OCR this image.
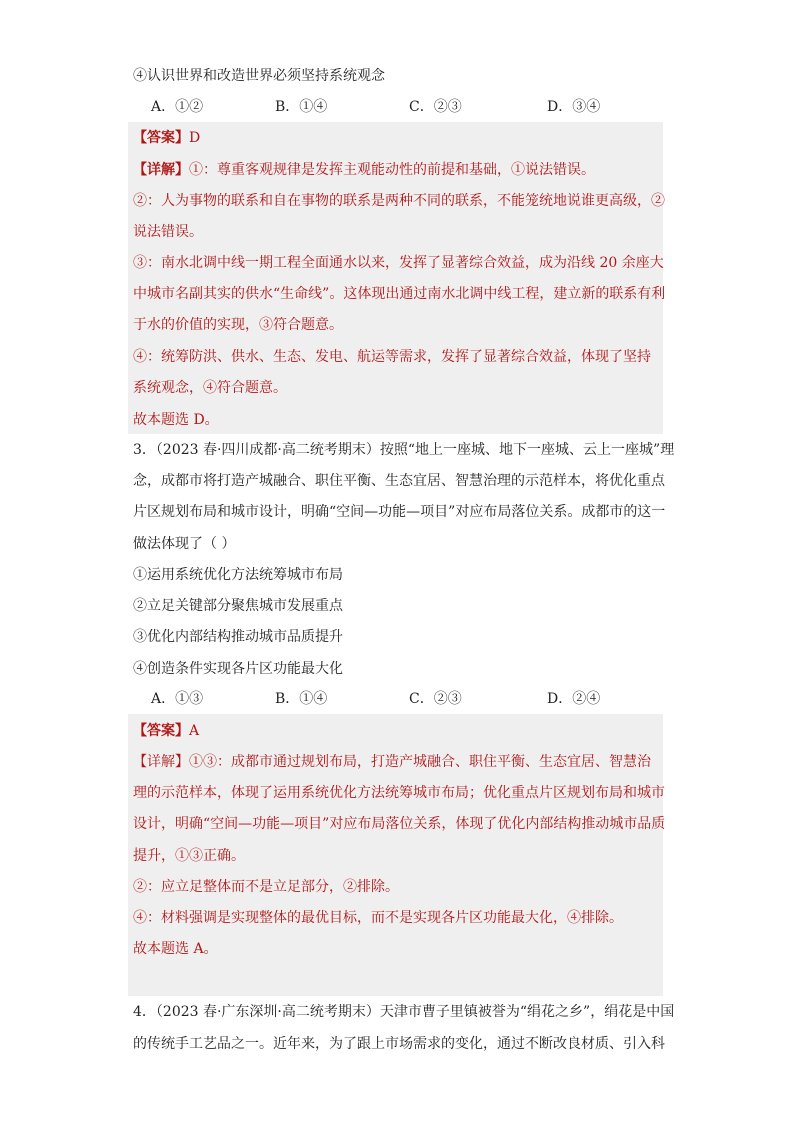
④认识世界和改造世界必须坚持系统观念
A．①②	B．①④	C．②③	D．③④
【答案】D
【详解】①：尊重客观规律是发挥主观能动性的前提和基础，①说法错误。
②：人为事物的联系和自在事物的联系是两种不同的联系，不能笼统地说谁更高级，②
说法错误。
③：南水北调中线一期工程全面通水以来，发挥了显著综合效益，成为沿线 20 余座大
中城市名副其实的供水“生命线”。这体现出通过南水北调中线工程，建立新的联系有利
于水的价值的实现，③符合题意。
④：统筹防洪、供水、生态、发电、航运等需求，发挥了显著综合效益，体现了坚持
系统观念，④符合题意。
故本题选 D。
3．（2023 春·四川成都·高二统考期末）按照“地上一座城、地下一座城、云上一座城”理
念，成都市将打造产城融合、职住平衡、生态宜居、智慧治理的示范样本，将优化重点
片区规划布局和城市设计，明确“空间—功能—项目”对应布局落位关系。成都市的这一
做法体现了（ ）
①运用系统优化方法统筹城市布局
②立足关键部分聚焦城市发展重点
③优化内部结构推动城市品质提升
④创造条件实现各片区功能最大化
A．①③	B．①④	C．②③	D．②④
【答案】A
【详解】①③：成都市通过规划布局，打造产城融合、职住平衡、生态宜居、智慧治
理的示范样本，体现了运用系统优化方法统筹城市布局；优化重点片区规划布局和城市
设计，明确“空间—功能—项目”对应布局落位关系，体现了优化内部结构推动城市品质
提升，①③正确。
②：应立足整体而不是立足部分，②排除。
④：材料强调是实现整体的最优目标，而不是实现各片区功能最大化，④排除。
故本题选 A。
4．（2023 春·广东深圳·高二统考期末）天津市曹子里镇被誉为“绢花之乡”，绢花是中国
的传统手工艺品之一。近年来，为了跟上市场需求的变化，通过不断改良材质、引入科
